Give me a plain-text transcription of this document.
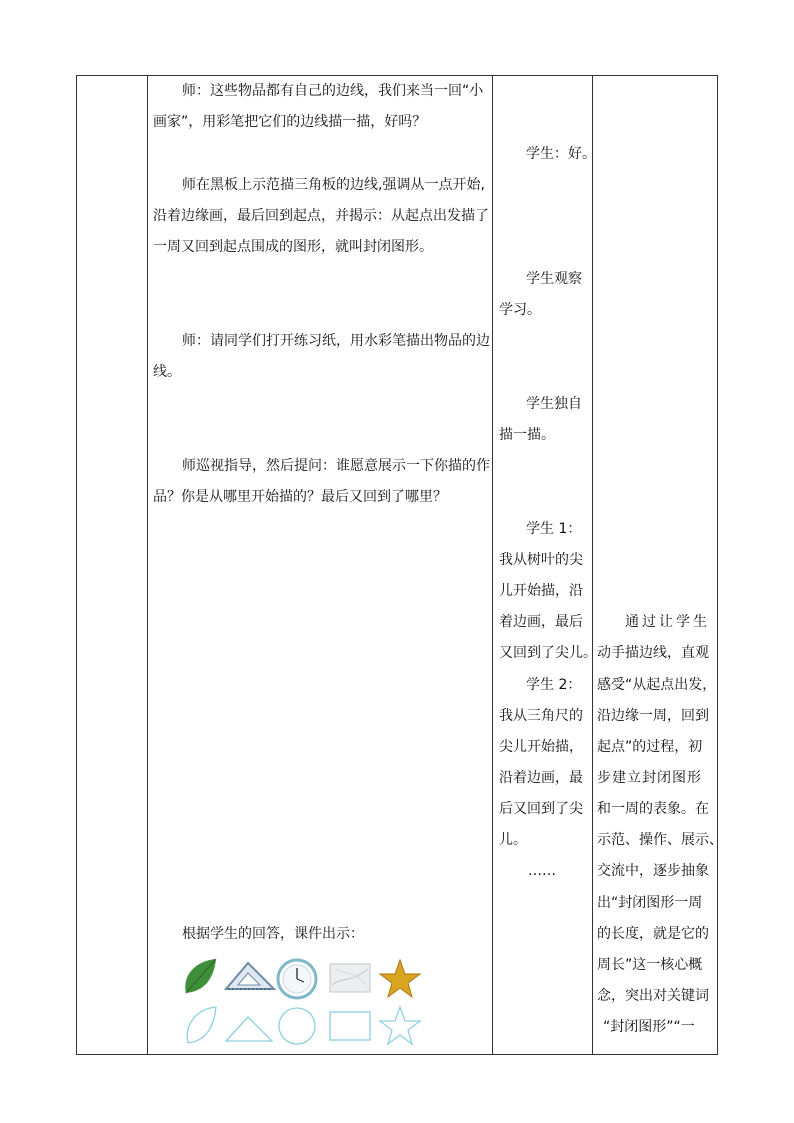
师：这些物品都有自己的边线，我们来当一回“小

画家”，用彩笔把它们的边线描一描，好吗？

师在黑板上示范描三角板的边线,强调从一点开始,

沿着边缘画，最后回到起点，并揭示：从起点出发描了

一周又回到起点围成的图形，就叫封闭图形。

师：请同学们打开练习纸，用水彩笔描出物品的边

线。

师巡视指导，然后提问：谁愿意展示一下你描的作

品？你是从哪里开始描的？最后又回到了哪里？

根据学生的回答，课件出示：

学生：好。

学生观察

学习。

学生独自

描一描。

学生 1：

我从树叶的尖

儿开始描，沿

着边画，最后

又回到了尖儿。

学生 2：

我从三角尺的

尖儿开始描，

沿着边画，最

后又回到了尖

儿。

……

通过让学生

动手描边线，直观

感受“从起点出发，

沿边缘一周，回到

起点”的过程，初

步建立封闭图形

和一周的表象。在

示范、操作、展示、

交流中，逐步抽象

出“封闭图形一周

的长度，就是它的

周长”这一核心概

念，突出对关键词

“封闭图形”“一
